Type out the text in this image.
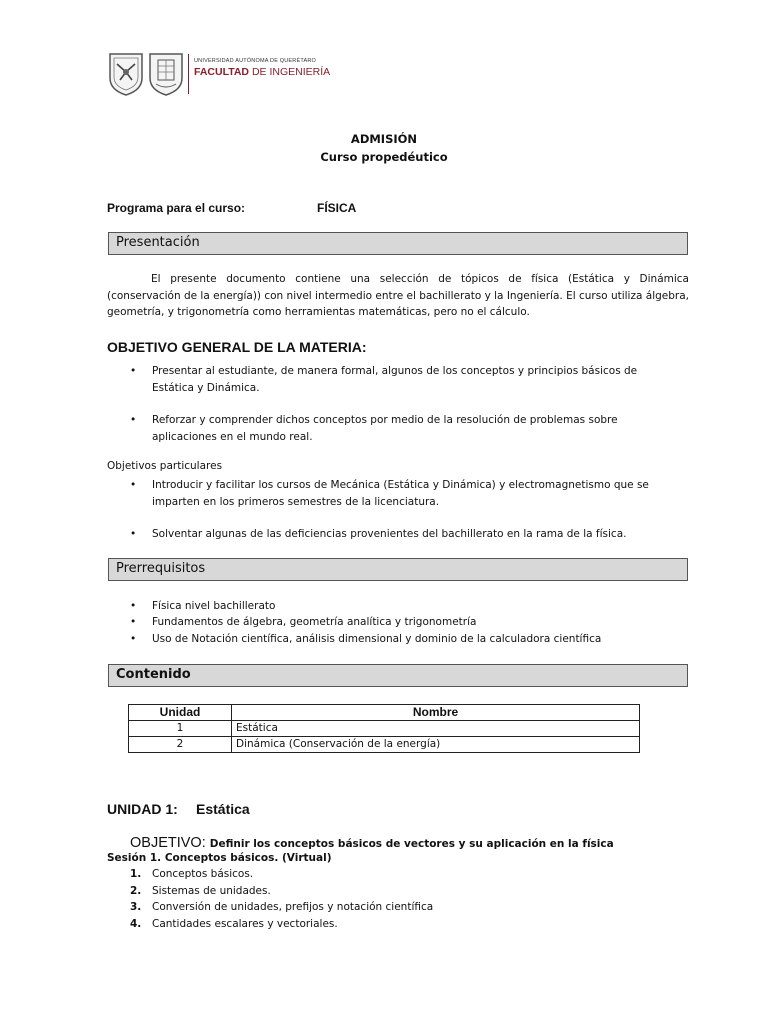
UNIVERSIDAD AUTÓNOMA DE QUERÉTARO
FACULTAD DE INGENIERÍA
ADMISIÓN
Curso propedéutico
Programa para el curso:	FÍSICA
Presentación
El presente documento contiene una selección de tópicos de física (Estática y Dinámica (conservación de la energía)) con nivel intermedio entre el bachillerato y la Ingeniería. El curso utiliza álgebra, geometría, y trigonometría como herramientas matemáticas, pero no el cálculo.
OBJETIVO GENERAL DE LA MATERIA:
• Presentar al estudiante, de manera formal, algunos de los conceptos y principios básicos de Estática y Dinámica.
• Reforzar y comprender dichos conceptos por medio de la resolución de problemas sobre aplicaciones en el mundo real.
Objetivos particulares
• Introducir y facilitar los cursos de Mecánica (Estática y Dinámica) y electromagnetismo que se imparten en los primeros semestres de la licenciatura.
• Solventar algunas de las deficiencias provenientes del bachillerato en la rama de la física.
Prerrequisitos
• Física nivel bachillerato
• Fundamentos de álgebra, geometría analítica y trigonometría
• Uso de Notación científica, análisis dimensional y dominio de la calculadora científica
Contenido
Unidad	Nombre
1	Estática
2	Dinámica (Conservación de la energía)
UNIDAD 1: Estática
OBJETIVO: Definir los conceptos básicos de vectores y su aplicación en la física
Sesión 1. Conceptos básicos. (Virtual)
1. Conceptos básicos.
2. Sistemas de unidades.
3. Conversión de unidades, prefijos y notación científica
4. Cantidades escalares y vectoriales.
